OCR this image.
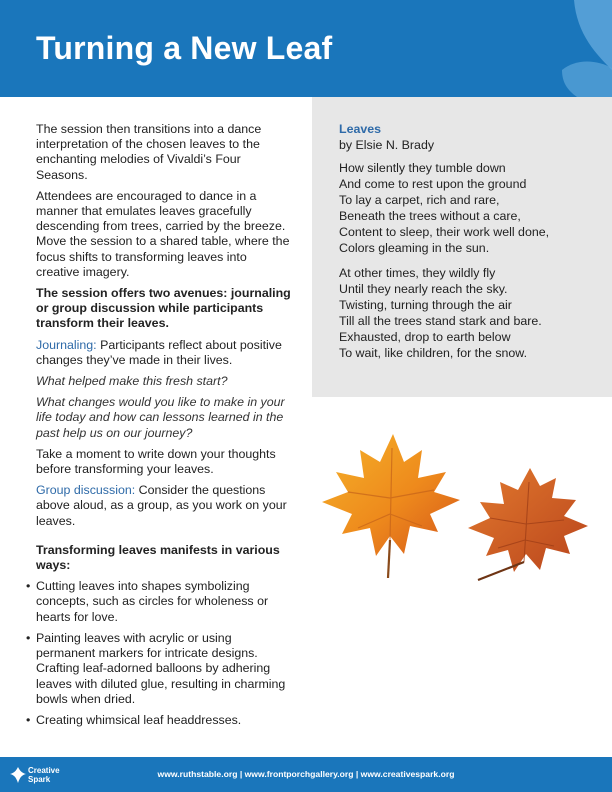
Turning a New Leaf

The session then transitions into a dance interpretation of the chosen leaves to the enchanting melodies of Vivaldi’s Four Seasons.

Attendees are encouraged to dance in a manner that emulates leaves gracefully descending from trees, carried by the breeze. Move the session to a shared table, where the focus shifts to transforming leaves into creative imagery.

The session offers two avenues: journaling or group discussion while participants transform their leaves.

Journaling: Participants reflect about positive changes they’ve made in their lives.

What helped make this fresh start?

What changes would you like to make in your life today and how can lessons learned in the past help us on our journey?

Take a moment to write down your thoughts before transforming your leaves.

Group discussion: Consider the questions above aloud, as a group, as you work on your leaves.

Transforming leaves manifests in various ways:

• Cutting leaves into shapes symbolizing concepts, such as circles for wholeness or hearts for love.
• Painting leaves with acrylic or using permanent markers for intricate designs. Crafting leaf-adorned balloons by adhering leaves with diluted glue, resulting in charming bowls when dried.
• Creating whimsical leaf headdresses.
Leaves
by Elsie N. Brady
How silently they tumble down
And come to rest upon the ground
To lay a carpet, rich and rare,
Beneath the trees without a care,
Content to sleep, their work well done,
Colors gleaming in the sun.
At other times, they wildly fly
Until they nearly reach the sky.
Twisting, turning through the air
Till all the trees stand stark and bare.
Exhausted, drop to earth below
To wait, like children, for the snow.
Creative
Spark	www.ruthstable.org | www.frontporchgallery.org | www.creativespark.org
